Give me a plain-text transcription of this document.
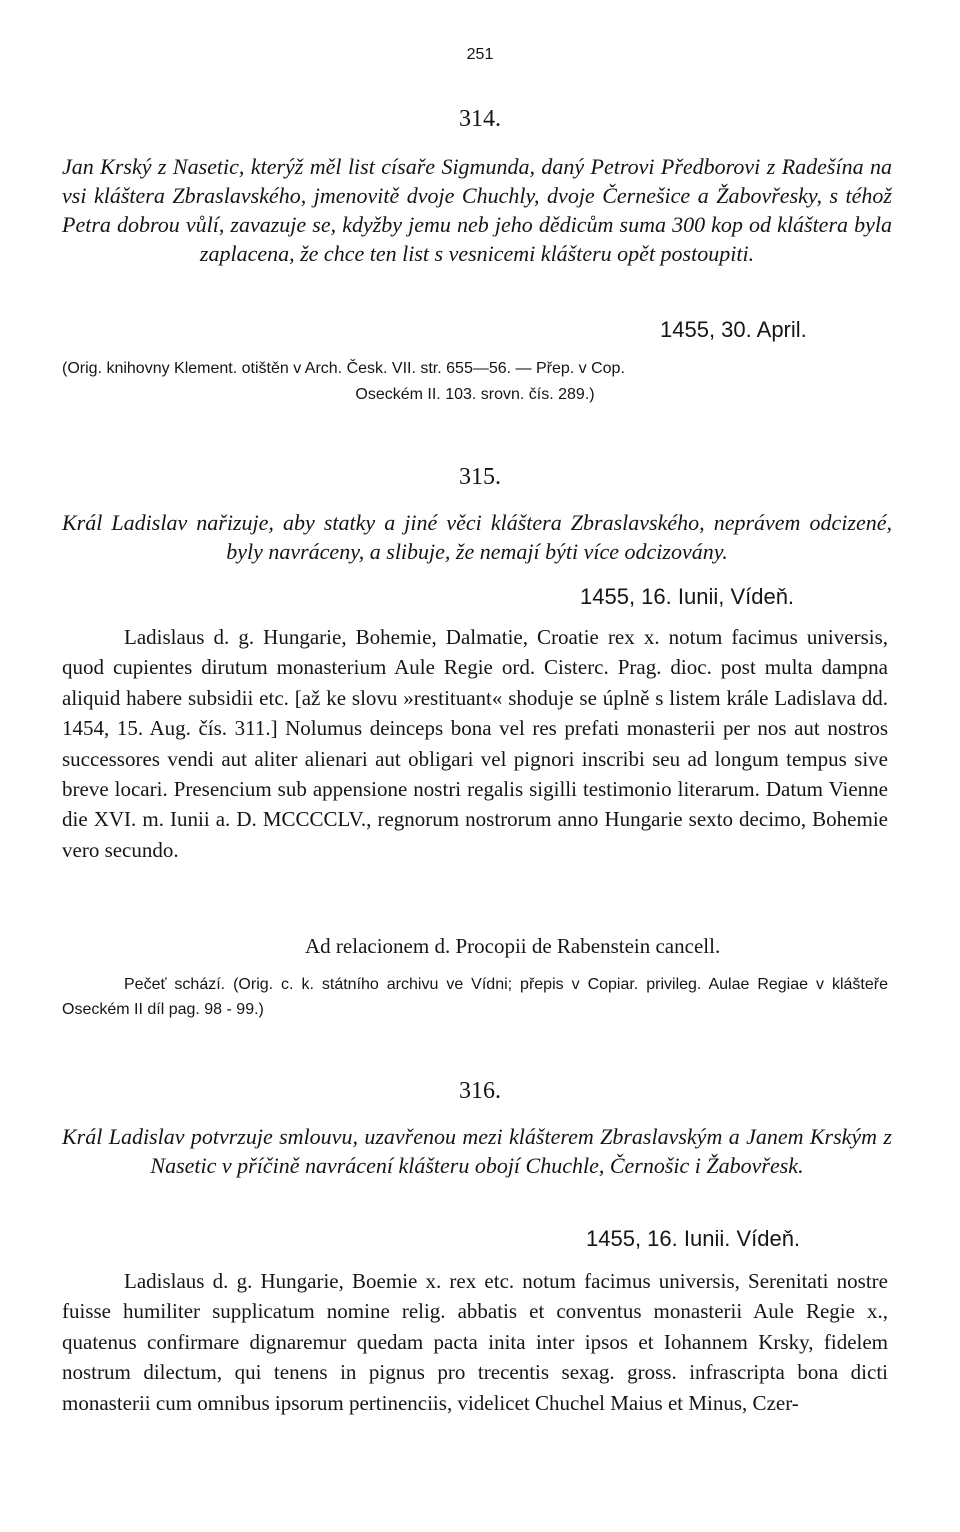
251
314.
Jan Krský z Nasetic, kterýž měl list císaře Sigmunda, daný Petrovi Předborovi z Radešína na vsi kláštera Zbraslavského, jmenovitě dvoje Chuchly, dvoje Černešice a Žabovřesky, s téhož Petra dobrou vůlí, zavazuje se, kdyžby jemu neb jeho dědicům suma 300 kop od kláštera byla zaplacena, že chce ten list s vesnicemi klášteru opět postoupiti.
1455, 30. April.
(Orig. knihovny Klement. otištěn v Arch. Česk. VII. str. 655—56. — Přep. v Cop.
Oseckém II. 103. srovn. čís. 289.)
315.
Král Ladislav nařizuje, aby statky a jiné věci kláštera Zbraslavského, neprávem odcizené, byly navráceny, a slibuje, že nemají býti více odcizovány.
1455, 16. Iunii, Vídeň.

Ladislaus d. g. Hungarie, Bohemie, Dalmatie, Croatie rex x. notum facimus universis, quod cupientes dirutum monasterium Aule Regie ord. Cisterc. Prag. dioc. post multa dampna aliquid habere subsidii etc. [až ke slovu »restituant« shoduje se úplně s listem krále Ladislava dd. 1454, 15. Aug. čís. 311.] Nolumus deinceps bona vel res prefati monasterii per nos aut nostros successores vendi aut aliter alienari aut obligari vel pignori inscribi seu ad longum tempus sive breve locari. Presencium sub appensione nostri regalis sigilli testimonio literarum. Datum Vienne die XVI. m. Iunii a. D. MCCCCLV., regnorum nostrorum anno Hungarie sexto decimo, Bohemie vero secundo.

Ad relacionem d. Procopii de Rabenstein cancell.
Pečeť schází. (Orig. c. k. státního archivu ve Vídni; přepis v Copiar. privileg. Aulae Regiae v klášteře Oseckém II díl pag. 98 - 99.)
316.
Král Ladislav potvrzuje smlouvu, uzavřenou mezi klášterem Zbraslavským a Janem Krským z Nasetic v příčině navrácení klášteru obojí Chuchle, Černošic i Žabovřesk.
1455, 16. Iunii. Vídeň.

Ladislaus d. g. Hungarie, Boemie x. rex etc. notum facimus universis, Serenitati nostre fuisse humiliter supplicatum nomine relig. abbatis et conventus monasterii Aule Regie x., quatenus confirmare dignaremur quedam pacta inita inter ipsos et Iohannem Krsky, fidelem nostrum dilectum, qui tenens in pignus pro trecentis sexag. gross. infrascripta bona dicti monasterii cum omnibus ipsorum pertinenciis, videlicet Chuchel Maius et Minus, Czer-
